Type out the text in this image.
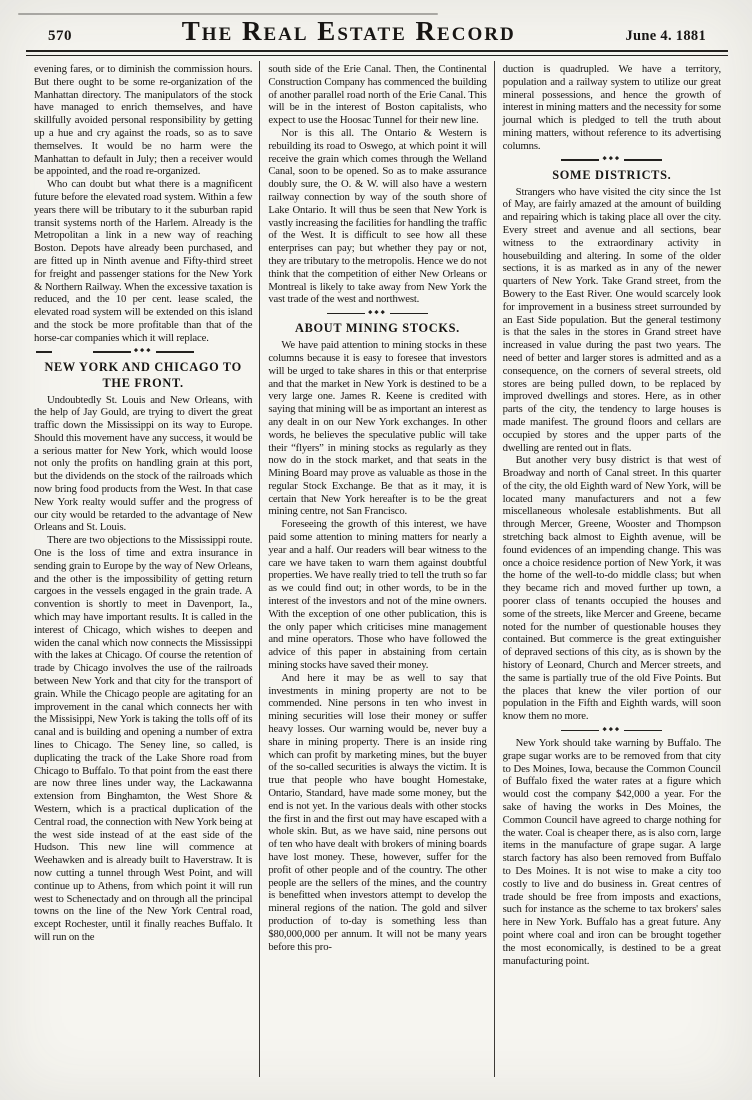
570	The Real Estate Record	June 4. 1881

evening fares, or to diminish the commission hours. But there ought to be some re-organization of the Manhattan directory. The manipulators of the stock have managed to enrich themselves, and have skillfully avoided personal responsibility by getting up a hue and cry against the roads, so as to save themselves. It would be no harm were the Manhattan to default in July; then a receiver would be appointed, and the road re-organized.

Who can doubt but what there is a magnificent future before the elevated road system. Within a few years there will be tributary to it the suburban rapid transit systems north of the Harlem. Already is the Metropolitan a link in a new way of reaching Boston. Depots have already been purchased, and are fitted up in Ninth avenue and Fifty-third street for freight and passenger stations for the New York & Northern Railway. When the excessive taxation is reduced, and the 10 per cent. lease scaled, the elevated road system will be extended on this island and the stock be more profitable than that of the horse-car companies which it will replace.

◆◆◆
NEW YORK AND CHICAGO TO THE FRONT.

Undoubtedly St. Louis and New Orleans, with the help of Jay Gould, are trying to divert the great traffic down the Mississippi on its way to Europe. Should this movement have any success, it would be a serious matter for New York, which would loose not only the profits on handling grain at this port, but the dividends on the stock of the railroads which now bring food products from the West. In that case New York realty would suffer and the progress of our city would be retarded to the advantage of New Orleans and St. Louis.

There are two objections to the Mississippi route. One is the loss of time and extra insurance in sending grain to Europe by the way of New Orleans, and the other is the impossibility of getting return cargoes in the vessels engaged in the grain trade. A convention is shortly to meet in Davenport, Ia., which may have important results. It is called in the interest of Chicago, which wishes to deepen and widen the canal which now connects the Mississippi with the lakes at Chicago. Of course the retention of trade by Chicago involves the use of the railroads between New York and that city for the transport of grain. While the Chicago people are agitating for an improvement in the canal which connects her with the Missisippi, New York is taking the tolls off of its canal and is building and opening a number of extra lines to Chicago. The Seney line, so called, is duplicating the track of the Lake Shore road from Chicago to Buffalo. To that point from the east there are now three lines under way, the Lackawanna extension from Binghamton, the West Shore & Western, which is a practical duplication of the Central road, the connection with New York being at the west side instead of at the east side of the Hudson. This new line will commence at Weehawken and is already built to Haverstraw. It is now cutting a tunnel through West Point, and will continue up to Athens, from which point it will run west to Schenectady and on through all the principal towns on the line of the New York Central road, except Rochester, until it finally reaches Buffalo. It will run on the

south side of the Erie Canal. Then, the Continental Construction Company has commenced the building of another parallel road north of the Erie Canal. This will be in the interest of Boston capitalists, who expect to use the Hoosac Tunnel for their new line.

Nor is this all. The Ontario & Western is rebuilding its road to Oswego, at which point it will receive the grain which comes through the Welland Canal, soon to be opened. So as to make assurance doubly sure, the O. & W. will also have a western railway connection by way of the south shore of Lake Ontario. It will thus be seen that New York is vastly increasing the facilities for handling the traffic of the West. It is difficult to see how all these enterprises can pay; but whether they pay or not, they are tributary to the metropolis. Hence we do not think that the competition of either New Orleans or Montreal is likely to take away from New York the vast trade of the west and northwest.

◆◆◆
ABOUT MINING STOCKS.

We have paid attention to mining stocks in these columns because it is easy to foresee that investors will be urged to take shares in this or that enterprise and that the market in New York is destined to be a very large one. James R. Keene is credited with saying that mining will be as important an interest as any dealt in on our New York exchanges. In other words, he believes the speculative public will take their “flyers” in mining stocks as regularly as they now do in the stock market, and that seats in the Mining Board may prove as valuable as those in the regular Stock Exchange. Be that as it may, it is certain that New York hereafter is to be the great mining centre, not San Francisco.

Foreseeing the growth of this interest, we have paid some attention to mining matters for nearly a year and a half. Our readers will bear witness to the care we have taken to warn them against doubtful properties. We have really tried to tell the truth so far as we could find out; in other words, to be in the interest of the investors and not of the mine owners. With the exception of one other publication, this is the only paper which criticises mine management and mine operators. Those who have followed the advice of this paper in abstaining from certain mining stocks have saved their money.

And here it may be as well to say that investments in mining property are not to be commended. Nine persons in ten who invest in mining securities will lose their money or suffer heavy losses. Our warning would be, never buy a share in mining property. There is an inside ring which can profit by marketing mines, but the buyer of the so-called securities is always the victim. It is true that people who have bought Homestake, Ontario, Standard, have made some money, but the end is not yet. In the various deals with other stocks the first in and the first out may have escaped with a whole skin. But, as we have said, nine persons out of ten who have dealt with brokers of mining boards have lost money. These, however, suffer for the profit of other people and of the country. The other people are the sellers of the mines, and the country is benefitted when investors attempt to develop the mineral regions of the nation. The gold and silver production of to-day is something less than $80,000,000 per annum. It will not be many years before this pro-

duction is quadrupled. We have a territory, population and a railway system to utilize our great mineral possessions, and hence the growth of interest in mining matters and the necessity for some journal which is pledged to tell the truth about mining matters, without reference to its advertising columns.

◆◆◆
SOME DISTRICTS.

Strangers who have visited the city since the 1st of May, are fairly amazed at the amount of building and repairing which is taking place all over the city. Every street and avenue and all sections, bear witness to the extraordinary activity in housebuilding and altering. In some of the older sections, it is as marked as in any of the newer quarters of New York. Take Grand street, from the Bowery to the East River. One would scarcely look for improvement in a business street surrounded by an East Side population. But the general testimony is that the sales in the stores in Grand street have increased in value during the past two years. The need of better and larger stores is admitted and as a consequence, on the corners of several streets, old stores are being pulled down, to be replaced by improved dwellings and stores. Here, as in other parts of the city, the tendency to large houses is made manifest. The ground floors and cellars are occupied by stores and the upper parts of the dwelling are rented out in flats.

But another very busy district is that west of Broadway and north of Canal street. In this quarter of the city, the old Eighth ward of New York, will be located many manufacturers and not a few miscellaneous wholesale establishments. But all through Mercer, Greene, Wooster and Thompson stretching back almost to Eighth avenue, will be found evidences of an impending change. This was once a choice residence portion of New York, it was the home of the well-to-do middle class; but when they became rich and moved further up town, a poorer class of tenants occupied the houses and some of the streets, like Mercer and Greene, became noted for the number of questionable houses they contained. But commerce is the great extinguisher of depraved sections of this city, as is shown by the history of Leonard, Church and Mercer streets, and the same is partially true of the old Five Points. But the places that knew the viler portion of our population in the Fifth and Eighth wards, will soon know them no more.

◆◆◆

New York should take warning by Buffalo. The grape sugar works are to be removed from that city to Des Moines, Iowa, because the Common Council of Buffalo fixed the water rates at a figure which would cost the company $42,000 a year. For the sake of having the works in Des Moines, the Common Council have agreed to charge nothing for the water. Coal is cheaper there, as is also corn, large items in the manufacture of grape sugar. A large starch factory has also been removed from Buffalo to Des Moines. It is not wise to make a city too costly to live and do business in. Great centres of trade should be free from imposts and exactions, such for instance as the scheme to tax brokers' sales here in New York. Buffalo has a great future. Any point where coal and iron can be brought together the most economically, is destined to be a great manufacturing point.
